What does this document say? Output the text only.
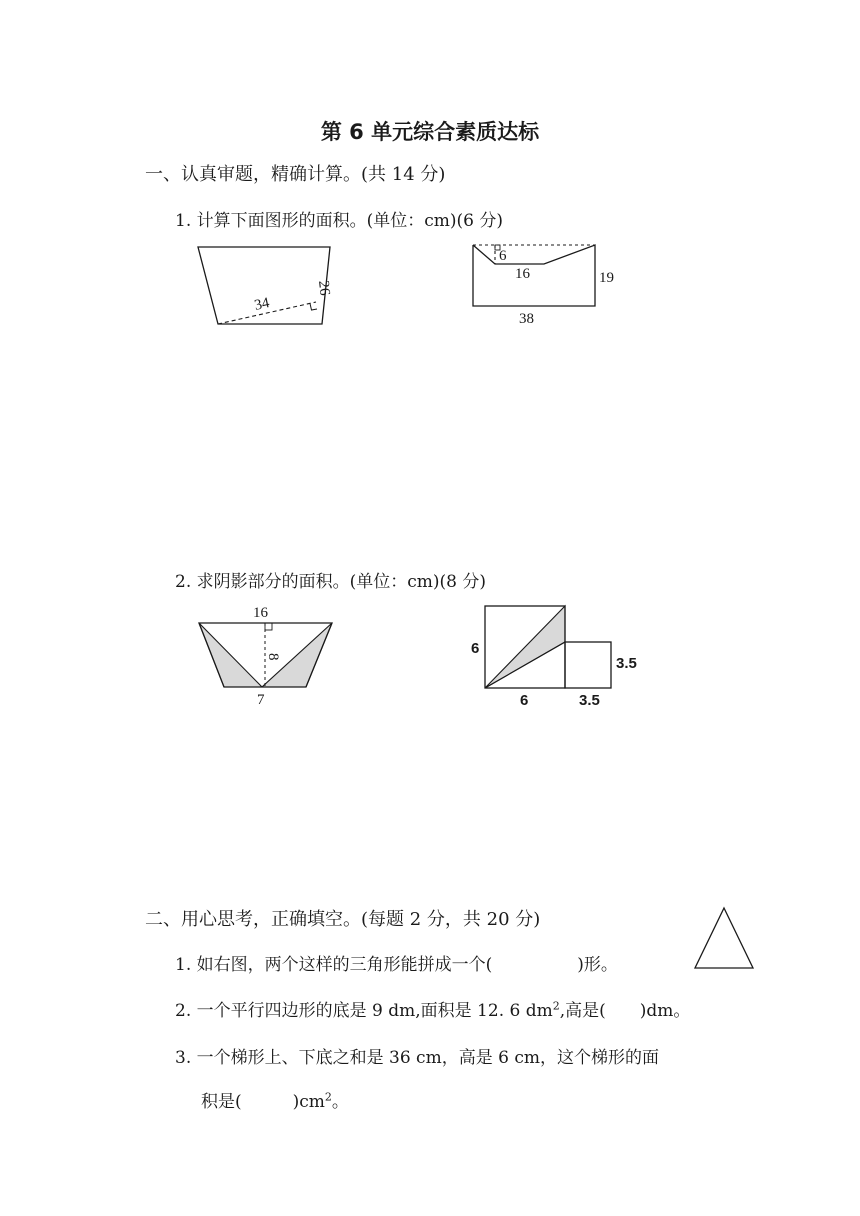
第 6 单元综合素质达标
一、认真审题，精确计算。(共 14 分)
1. 计算下面图形的面积。(单位：cm)(6 分)
34
26
6
16	19
38
2. 求阴影部分的面积。(单位：cm)(8 分)
16
8
7
6
6	3.5
3.5
二、用心思考，正确填空。(每题 2 分，共 20 分)
1. 如右图，两个这样的三角形能拼成一个(　　　　　)形。
2. 一个平行四边形的底是 9 dm,面积是 12. 6 $dm^2$,高是(　　)dm。
3. 一个梯形上、下底之和是 36 cm，高是 6 cm，这个梯形的面
积是(　　　)$cm^2$。
